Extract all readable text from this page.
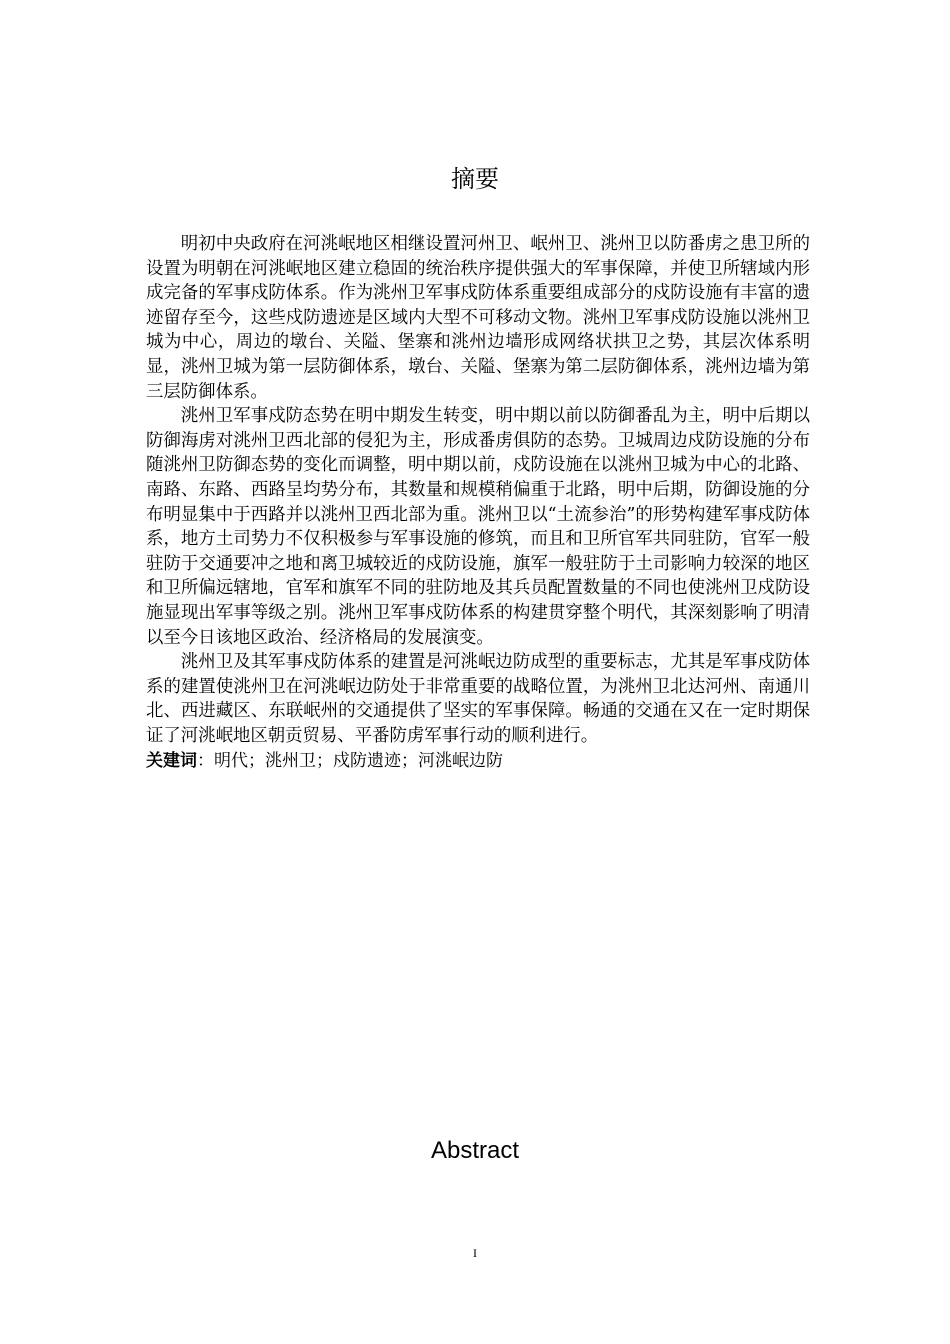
摘要

明初中央政府在河洮岷地区相继设置河州卫、岷州卫、洮州卫以防番虏之患卫所的设置为明朝在河洮岷地区建立稳固的统治秩序提供强大的军事保障，并使卫所辖域内形成完备的军事戍防体系。作为洮州卫军事戍防体系重要组成部分的戍防设施有丰富的遗迹留存至今，这些戍防遗迹是区域内大型不可移动文物。洮州卫军事戍防设施以洮州卫城为中心，周边的墩台、关隘、堡寨和洮州边墙形成网络状拱卫之势，其层次体系明显，洮州卫城为第一层防御体系，墩台、关隘、堡寨为第二层防御体系，洮州边墙为第三层防御体系。

洮州卫军事戍防态势在明中期发生转变，明中期以前以防御番乱为主，明中后期以防御海虏对洮州卫西北部的侵犯为主，形成番虏俱防的态势。卫城周边戍防设施的分布随洮州卫防御态势的变化而调整，明中期以前，戍防设施在以洮州卫城为中心的北路、南路、东路、西路呈均势分布，其数量和规模稍偏重于北路，明中后期，防御设施的分布明显集中于西路并以洮州卫西北部为重。洮州卫以“土流参治”的形势构建军事戍防体系，地方土司势力不仅积极参与军事设施的修筑，而且和卫所官军共同驻防，官军一般驻防于交通要冲之地和离卫城较近的戍防设施，旗军一般驻防于土司影响力较深的地区和卫所偏远辖地，官军和旗军不同的驻防地及其兵员配置数量的不同也使洮州卫戍防设施显现出军事等级之别。洮州卫军事戍防体系的构建贯穿整个明代，其深刻影响了明清以至今日该地区政治、经济格局的发展演变。

洮州卫及其军事戍防体系的建置是河洮岷边防成型的重要标志，尤其是军事戍防体系的建置使洮州卫在河洮岷边防处于非常重要的战略位置，为洮州卫北达河州、南通川北、西进藏区、东联岷州的交通提供了坚实的军事保障。畅通的交通在又在一定时期保证了河洮岷地区朝贡贸易、平番防虏军事行动的顺利进行。

关建词：明代；洮州卫；戍防遗迹；河洮岷边防
Abstract
I
